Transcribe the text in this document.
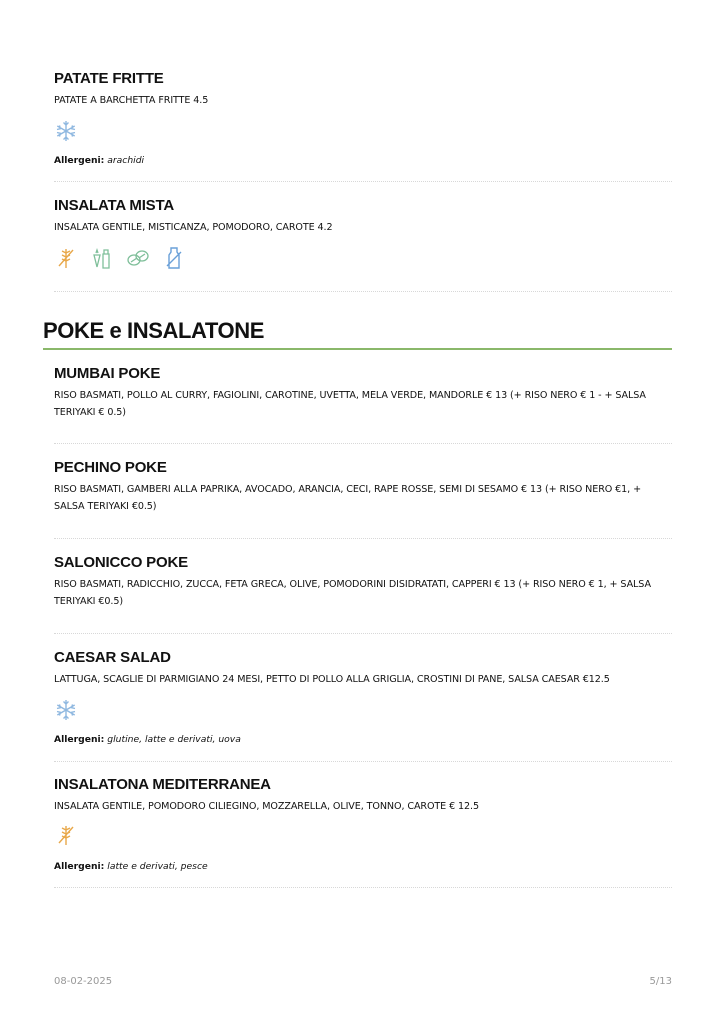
PATATE FRITTE
PATATE A BARCHETTA FRITTE 4.5
Allergeni: arachidi
INSALATA MISTA
INSALATA GENTILE, MISTICANZA, POMODORO, CAROTE 4.2
POKE e INSALATONE
MUMBAI POKE
RISO BASMATI, POLLO AL CURRY, FAGIOLINI, CAROTINE, UVETTA, MELA VERDE, MANDORLE € 13 (+ RISO NERO € 1 - + SALSA TERIYAKI € 0.5)
PECHINO POKE
RISO BASMATI, GAMBERI ALLA PAPRIKA, AVOCADO, ARANCIA, CECI, RAPE ROSSE, SEMI DI SESAMO € 13 (+ RISO NERO €1, + SALSA TERIYAKI €0.5)
SALONICCO POKE
RISO BASMATI, RADICCHIO, ZUCCA, FETA GRECA, OLIVE, POMODORINI DISIDRATATI, CAPPERI € 13 (+ RISO NERO € 1, + SALSA TERIYAKI €0.5)
CAESAR SALAD
LATTUGA, SCAGLIE DI PARMIGIANO 24 MESI, PETTO DI POLLO ALLA GRIGLIA, CROSTINI DI PANE, SALSA CAESAR €12.5
Allergeni: glutine, latte e derivati, uova
INSALATONA MEDITERRANEA
INSALATA GENTILE, POMODORO CILIEGINO, MOZZARELLA, OLIVE, TONNO, CAROTE € 12.5
Allergeni: latte e derivati, pesce
08-02-2025	5/13
